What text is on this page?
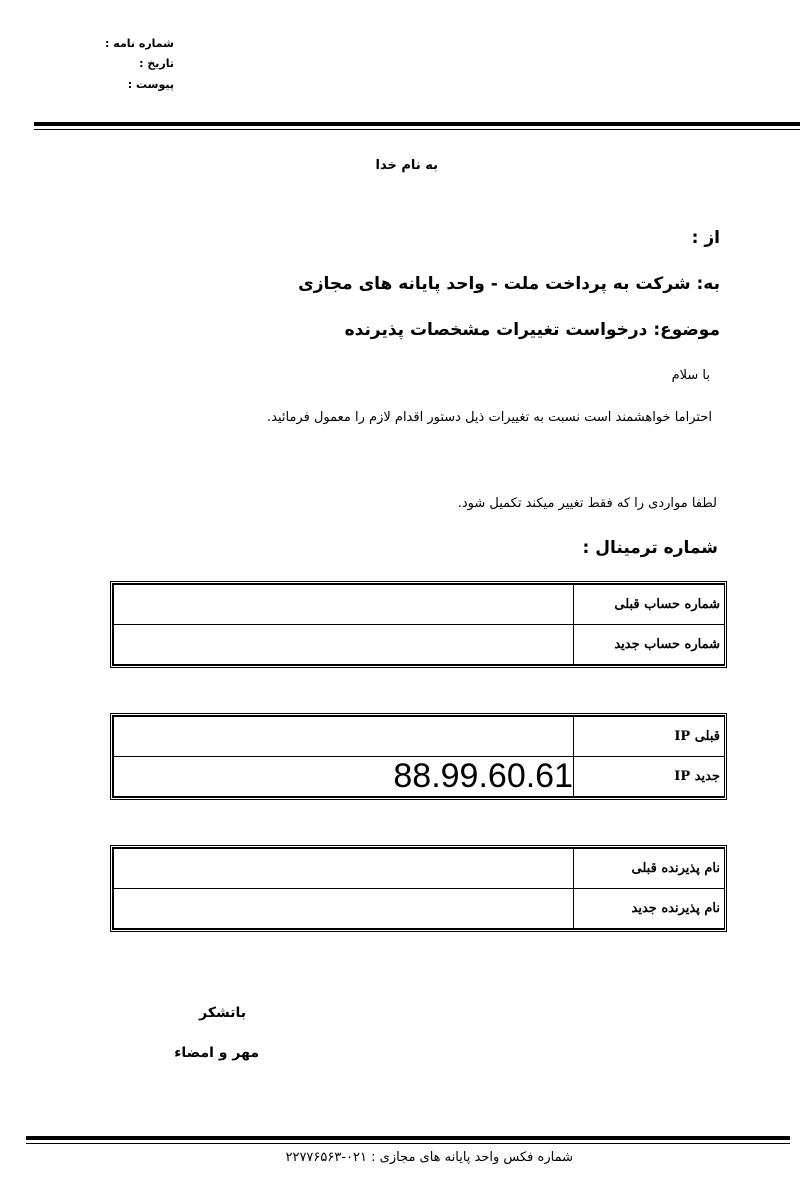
شماره نامه :
تاریخ :
پیوست :
به نام خدا
از :
به: شرکت به پرداخت ملت - واحد پایانه های مجازی
موضوع: درخواست تغییرات مشخصات پذیرنده
با سلام
احتراما خواهشمند است نسبت به تغییرات ذیل دستور اقدام لازم را معمول فرمائید.
لطفا مواردی را که فقط تغییر میکند تکمیل شود.
شماره ترمینال :
	شماره حساب قبلی
	شماره حساب جدید
	IP قبلی
88.99.60.61	IP جدید
	نام پذیرنده قبلی
	نام پذیرنده جدید
باتشکر
مهر و امضاء
شماره فکس واحد پایانه های مجازی : ۰۲۱-۲۲۷۷۶۵۶۳
